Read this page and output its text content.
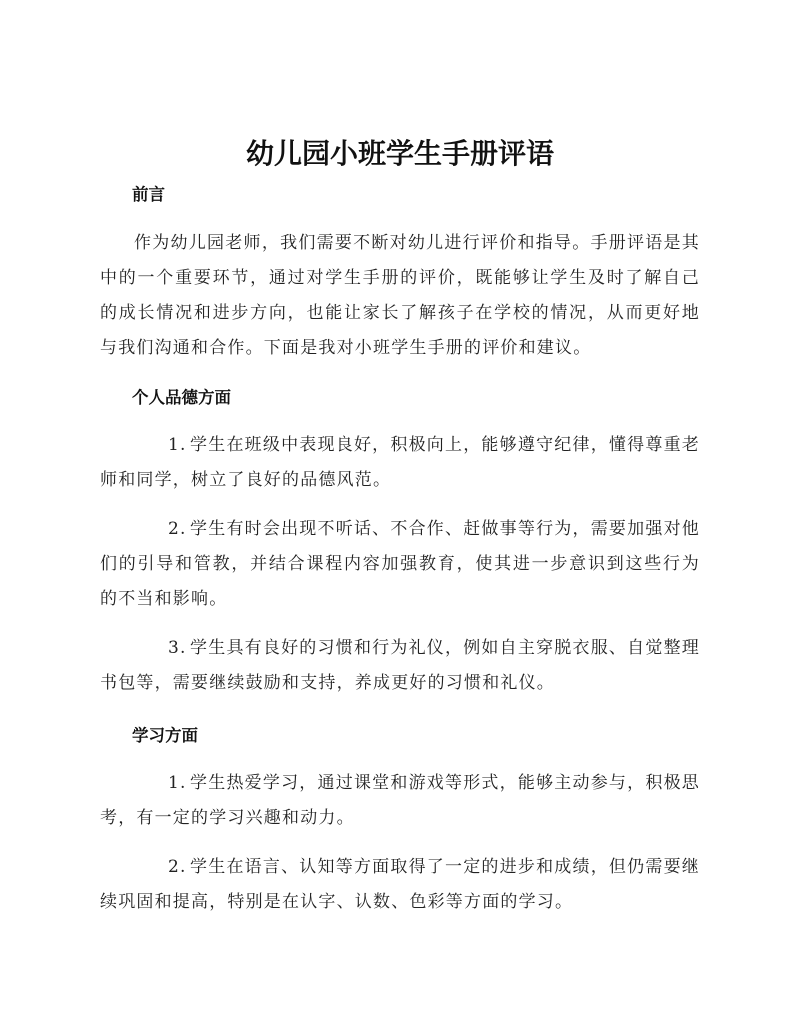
幼儿园小班学生手册评语
前言

作为幼儿园老师，我们需要不断对幼儿进行评价和指导。手册评语是其中的一个重要环节，通过对学生手册的评价，既能够让学生及时了解自己的成长情况和进步方向，也能让家长了解孩子在学校的情况，从而更好地与我们沟通和合作。下面是我对小班学生手册的评价和建议。

个人品德方面

1. 学生在班级中表现良好，积极向上，能够遵守纪律，懂得尊重老师和同学，树立了良好的品德风范。

2. 学生有时会出现不听话、不合作、赶做事等行为，需要加强对他们的引导和管教，并结合课程内容加强教育，使其进一步意识到这些行为的不当和影响。

3. 学生具有良好的习惯和行为礼仪，例如自主穿脱衣服、自觉整理书包等，需要继续鼓励和支持，养成更好的习惯和礼仪。

学习方面

1. 学生热爱学习，通过课堂和游戏等形式，能够主动参与，积极思考，有一定的学习兴趣和动力。

2. 学生在语言、认知等方面取得了一定的进步和成绩，但仍需要继续巩固和提高，特别是在认字、认数、色彩等方面的学习。
